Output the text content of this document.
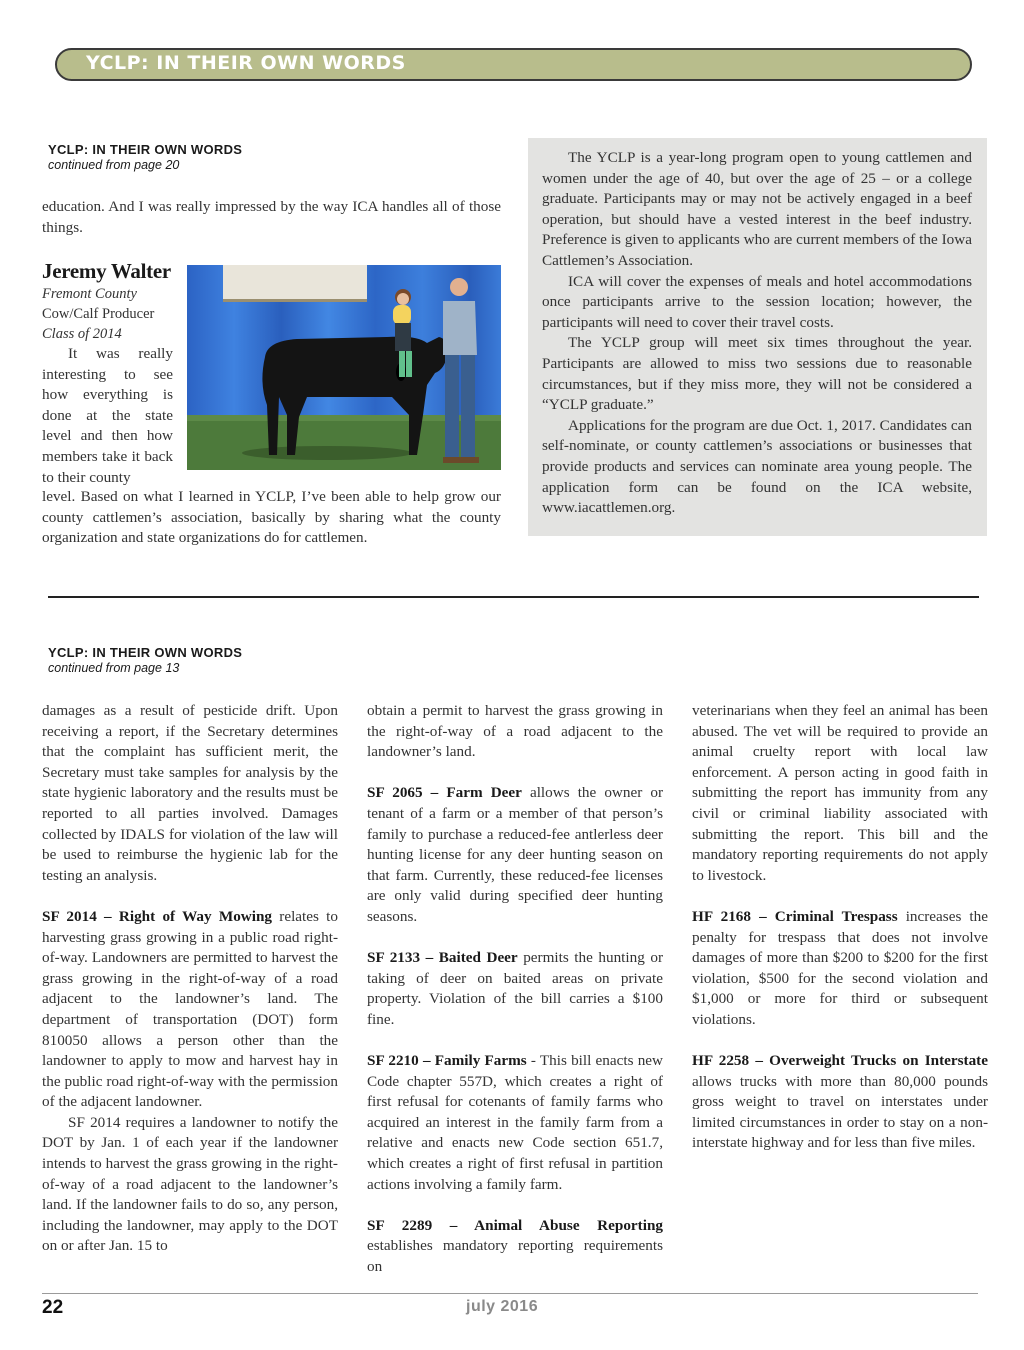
YCLP: IN THEIR OWN WORDS
YCLP: IN THEIR OWN WORDS
continued from page 20

education. And I was really impressed by the way ICA handles all of those things.

Jeremy Walter
Fremont County
Cow/Calf Producer
Class of 2014

It was really interesting to see how everything is done at the state level and then how members take it back to their county

level. Based on what I learned in YCLP, I’ve been able to help grow our county cattlemen’s association, basically by sharing what the county organization and state organizations do for cattlemen.

The YCLP is a year-long program open to young cattlemen and women under the age of 40, but over the age of 25 – or a college graduate. Participants may or may not be actively engaged in a beef operation, but should have a vested interest in the beef industry. Preference is given to applicants who are current members of the Iowa Cattlemen’s Association.

ICA will cover the expenses of meals and hotel accommodations once participants arrive to the session location; however, the participants will need to cover their travel costs.

The YCLP group will meet six times throughout the year. Participants are allowed to miss two sessions due to reasonable circumstances, but if they miss more, they will not be considered a “YCLP graduate.”

Applications for the program are due Oct. 1, 2017. Candidates can self-nominate, or county cattlemen’s associations or businesses that provide products and services can nominate area young people. The application form can be found on the ICA website, www.iacattlemen.org.

YCLP: IN THEIR OWN WORDS
continued from page 13

damages as a result of pesticide drift. Upon receiving a report, if the Secretary determines that the complaint has sufficient merit, the Secretary must take samples for analysis by the state hygienic laboratory and the results must be reported to all parties involved. Damages collected by IDALS for violation of the law will be used to reimburse the hygienic lab for the testing an analysis.

SF 2014 – Right of Way Mowing relates to harvesting grass growing in a public road right-of-way. Landowners are permitted to harvest the grass growing in the right-of-way of a road adjacent to the landowner’s land. The department of transportation (DOT) form 810050 allows a person other than the landowner to apply to mow and harvest hay in the public road right-of-way with the permission of the adjacent landowner.

SF 2014 requires a landowner to notify the DOT by Jan. 1 of each year if the landowner intends to harvest the grass growing in the right-of-way of a road adjacent to the landowner’s land. If the landowner fails to do so, any person, including the landowner, may apply to the DOT on or after Jan. 15 to

obtain a permit to harvest the grass growing in the right-of-way of a road adjacent to the landowner’s land.

SF 2065 – Farm Deer allows the owner or tenant of a farm or a member of that person’s family to purchase a reduced-fee antlerless deer hunting license for any deer hunting season on that farm. Currently, these reduced-fee licenses are only valid during specified deer hunting seasons.

SF 2133 – Baited Deer permits the hunting or taking of deer on baited areas on private property. Violation of the bill carries a $100 fine.

SF 2210 – Family Farms - This bill enacts new Code chapter 557D, which creates a right of first refusal for cotenants of family farms who acquired an interest in the family farm from a relative and enacts new Code section 651.7, which creates a right of first refusal in partition actions involving a family farm.

SF 2289 – Animal Abuse Reporting establishes mandatory reporting requirements on

veterinarians when they feel an animal has been abused. The vet will be required to provide an animal cruelty report with local law enforcement. A person acting in good faith in submitting the report has immunity from any civil or criminal liability associated with submitting the report. This bill and the mandatory reporting requirements do not apply to livestock.

HF 2168 – Criminal Trespass increases the penalty for trespass that does not involve damages of more than $200 to $200 for the first violation, $500 for the second violation and $1,000 or more for third or subsequent violations.

HF 2258 – Overweight Trucks on Interstate allows trucks with more than 80,000 pounds gross weight to travel on interstates under limited circumstances in order to stay on a non-interstate highway and for less than five miles.

22	july 2016
